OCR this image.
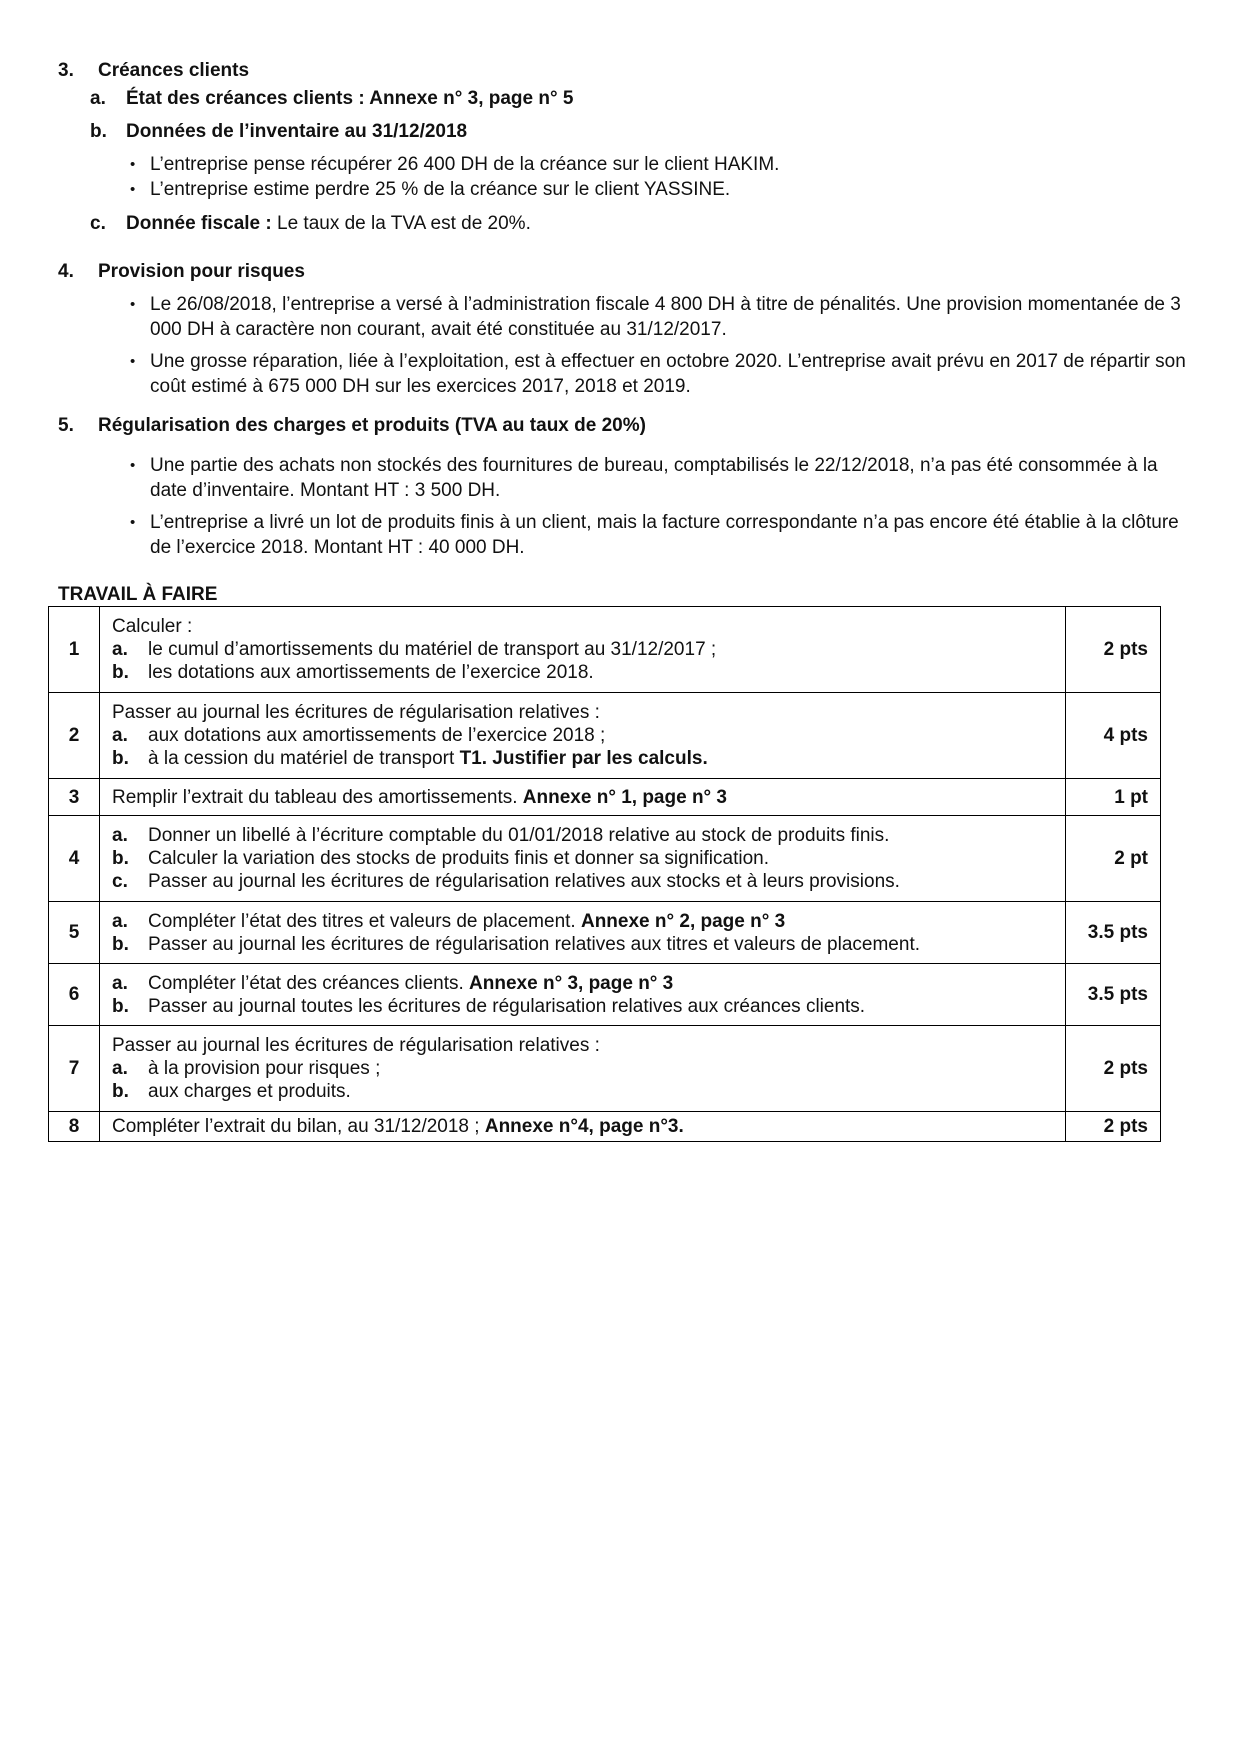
3. Créances clients
a. État des créances clients : Annexe n° 3, page n° 5
b. Données de l’inventaire au 31/12/2018
• L’entreprise pense récupérer 26 400 DH de la créance sur le client HAKIM.
• L’entreprise estime perdre 25 % de la créance sur le client YASSINE.
c. Donnée fiscale : Le taux de la TVA est de 20%.
4. Provision pour risques
• Le 26/08/2018, l’entreprise a versé à l’administration fiscale 4 800 DH à titre de pénalités. Une provision momentanée de 3 000 DH à caractère non courant, avait été constituée au 31/12/2017.
• Une grosse réparation, liée à l’exploitation, est à effectuer en octobre 2020. L’entreprise avait prévu en 2017 de répartir son coût estimé à 675 000 DH sur les exercices 2017, 2018 et 2019.
5. Régularisation des charges et produits (TVA au taux de 20%)
• Une partie des achats non stockés des fournitures de bureau, comptabilisés le 22/12/2018, n’a pas été consommée à la date d’inventaire. Montant HT : 3 500 DH.
• L’entreprise a livré un lot de produits finis à un client, mais la facture correspondante n’a pas encore été établie à la clôture de l’exercice 2018. Montant HT : 40 000 DH.
TRAVAIL À FAIRE
1	Calculer :
a. le cumul d’amortissements du matériel de transport au 31/12/2017 ;
b. les dotations aux amortissements de l’exercice 2018.	2 pts
2	Passer au journal les écritures de régularisation relatives :
a. aux dotations aux amortissements de l’exercice 2018 ;
b. à la cession du matériel de transport T1. Justifier par les calculs.	4 pts
3	Remplir l’extrait du tableau des amortissements. Annexe n° 1, page n° 3	1 pt
4	a. Donner un libellé à l’écriture comptable du 01/01/2018 relative au stock de produits finis.
b. Calculer la variation des stocks de produits finis et donner sa signification.
c. Passer au journal les écritures de régularisation relatives aux stocks et à leurs provisions.	2 pt
5	a. Compléter l’état des titres et valeurs de placement. Annexe n° 2, page n° 3
b. Passer au journal les écritures de régularisation relatives aux titres et valeurs de placement.	3.5 pts
6	a. Compléter l’état des créances clients. Annexe n° 3, page n° 3
b. Passer au journal toutes les écritures de régularisation relatives aux créances clients.	3.5 pts
7	Passer au journal les écritures de régularisation relatives :
a. à la provision pour risques ;
b. aux charges et produits.	2 pts
8	Compléter l’extrait du bilan, au 31/12/2018 ; Annexe n°4, page n°3.	2 pts
